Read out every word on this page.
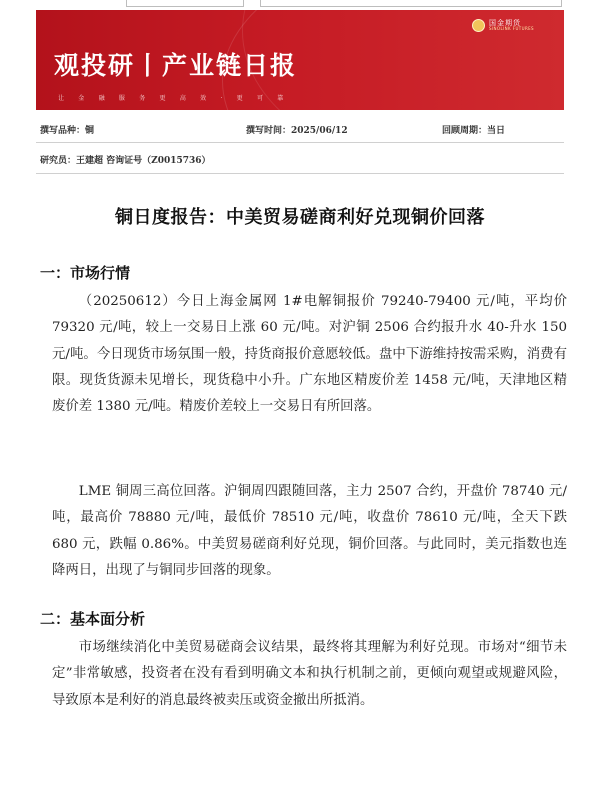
国金期货
SINOLINK FUTURES
观投研丨产业链日报
让 金 融 服 务 更 高 效 · 更 可 靠
撰写品种：铜	撰写时间：2025/06/12	回顾周期：当日
研究员：王建超 咨询证号（Z0015736）
铜日度报告：中美贸易磋商利好兑现铜价回落
一：市场行情
（20250612）今日上海金属网 1#电解铜报价 79240-79400 元/吨，平均价 79320 元/吨，较上一交易日上涨 60 元/吨。对沪铜 2506 合约报升水 40-升水 150 元/吨。今日现货市场氛围一般，持货商报价意愿较低。盘中下游维持按需采购，消费有限。现货货源未见增长，现货稳中小升。广东地区精废价差 1458 元/吨，天津地区精废价差 1380 元/吨。精废价差较上一交易日有所回落。
LME 铜周三高位回落。沪铜周四跟随回落，主力 2507 合约，开盘价 78740 元/吨，最高价 78880 元/吨，最低价 78510 元/吨，收盘价 78610 元/吨，全天下跌 680 元，跌幅 0.86%。中美贸易磋商利好兑现，铜价回落。与此同时，美元指数也连降两日，出现了与铜同步回落的现象。
二：基本面分析
市场继续消化中美贸易磋商会议结果，最终将其理解为利好兑现。市场对“细节未定”非常敏感，投资者在没有看到明确文本和执行机制之前，更倾向观望或规避风险，导致原本是利好的消息最终被卖压或资金撤出所抵消。
